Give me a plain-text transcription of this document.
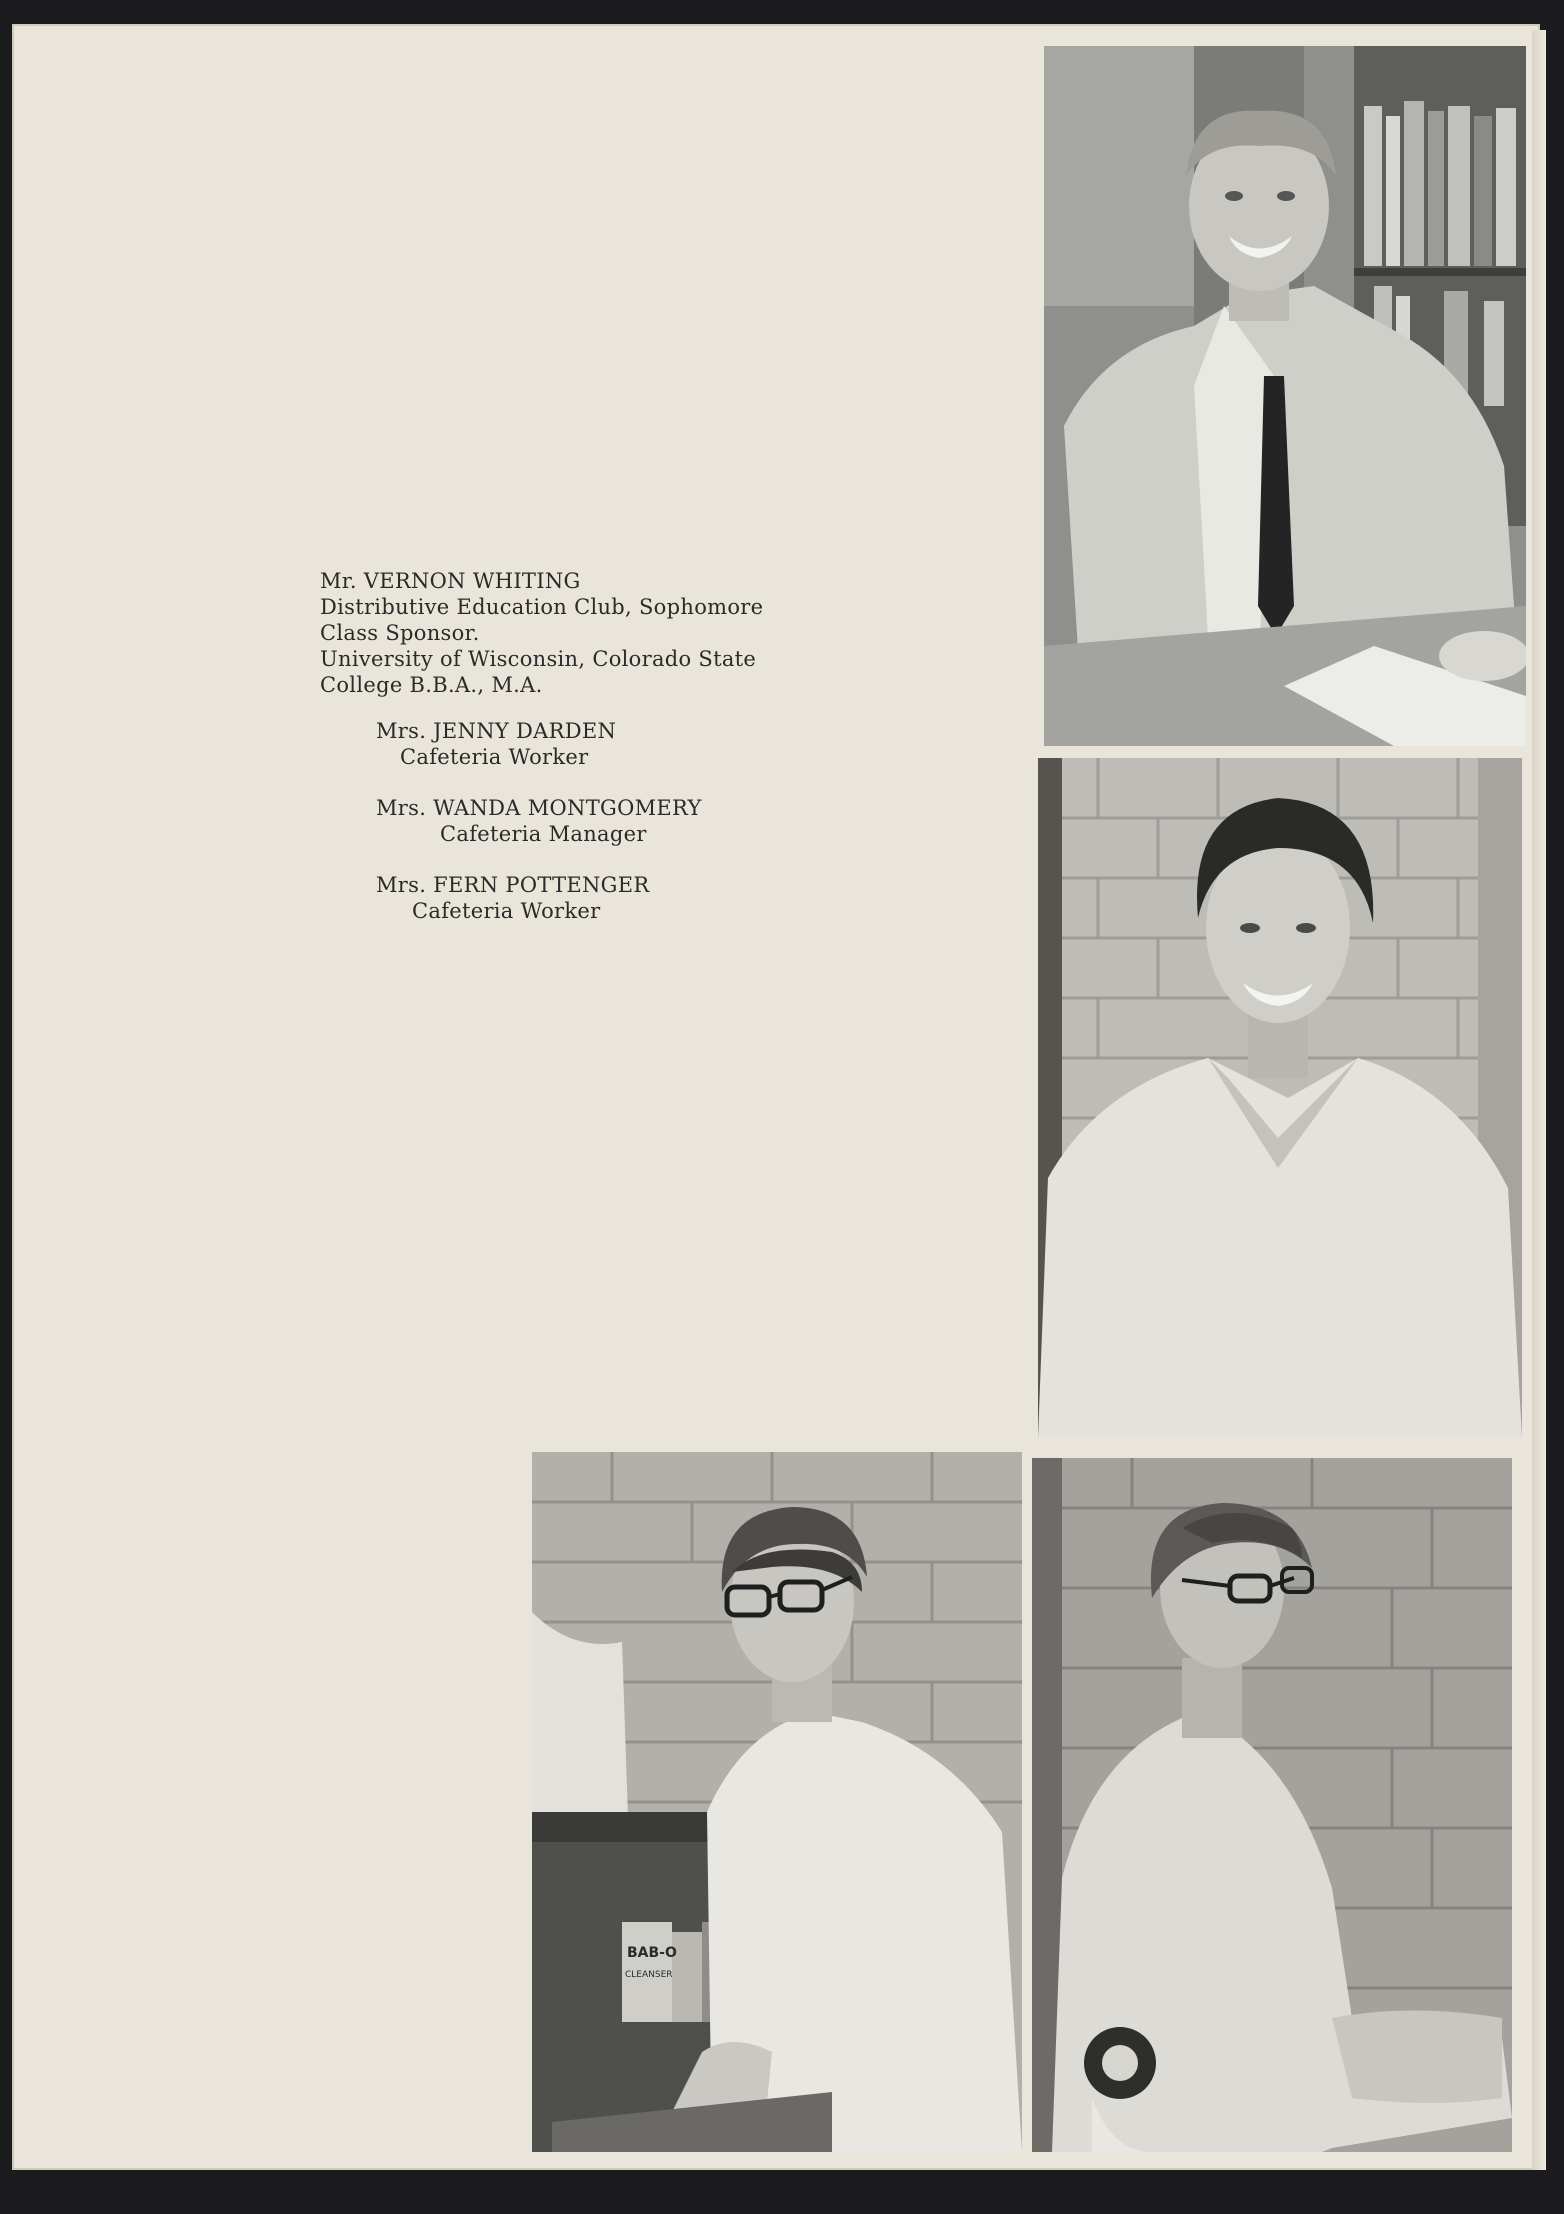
Mr. VERNON WHITING
Distributive Education Club, Sophomore
Class Sponsor.
University of Wisconsin, Colorado State
College B.B.A., M.A.
Mrs. JENNY DARDEN
Cafeteria Worker
Mrs. WANDA MONTGOMERY
Cafeteria Manager
Mrs. FERN POTTENGER
Cafeteria Worker
BAB-O
CLEANSER
